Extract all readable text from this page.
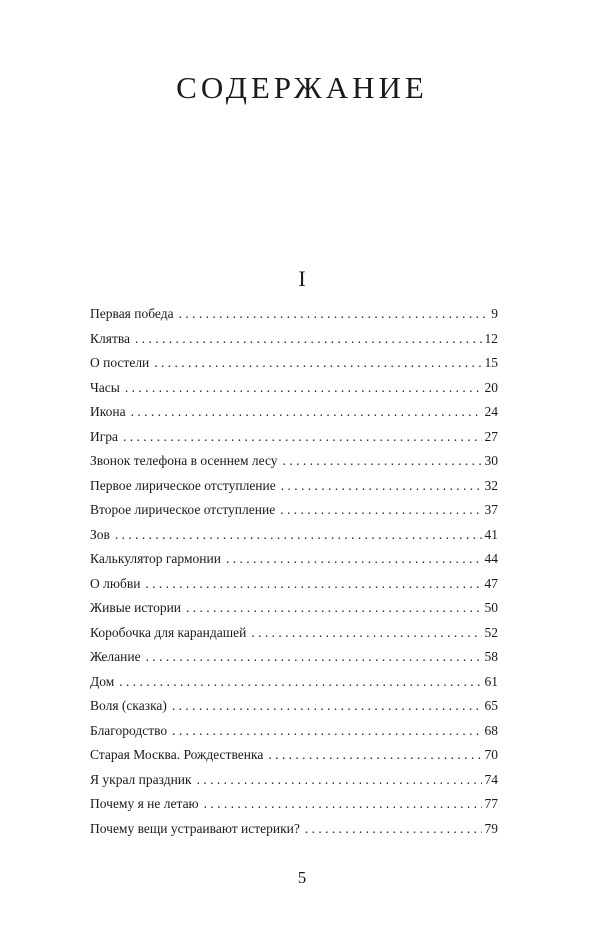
СОДЕРЖАНИЕ
I
Первая победа . . .	9
Клятва . . .	12
О постели . . .	15
Часы . . .	20
Икона . . .	24
Игра . . .	27
Звонок телефона в осеннем лесу . . .	30
Первое лирическое отступление . . .	32
Второе лирическое отступление . . .	37
Зов . . .	41
Калькулятор гармонии . . .	44
О любви . . .	47
Живые истории . . .	50
Коробочка для карандашей . . .	52
Желание . . .	58
Дом . . .	61
Воля (сказка) . . .	65
Благородство . . .	68
Старая Москва. Рождественка . . .	70
Я украл праздник . . .	74
Почему я не летаю . . .	77
Почему вещи устраивают истерики? . . .	79
5
